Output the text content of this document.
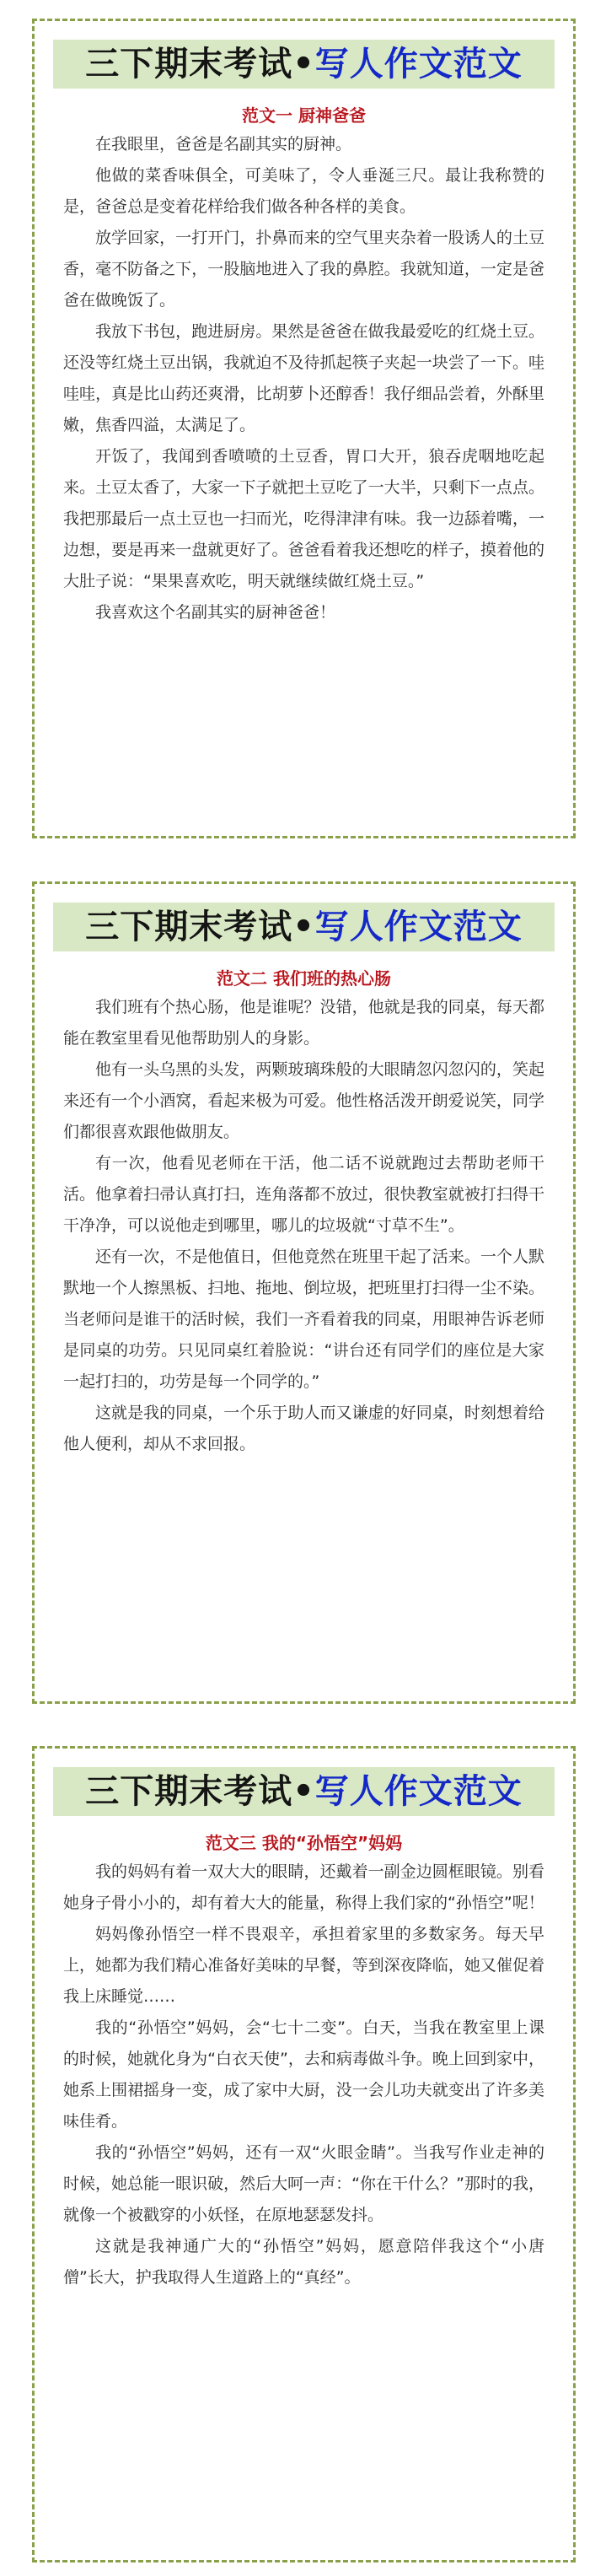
三下期末考试•写人作文范文
范文一 厨神爸爸

在我眼里，爸爸是名副其实的厨神。

他做的菜香味俱全，可美味了，令人垂涎三尺。最让我称赞的是，爸爸总是变着花样给我们做各种各样的美食。

放学回家，一打开门，扑鼻而来的空气里夹杂着一股诱人的土豆香，毫不防备之下，一股脑地进入了我的鼻腔。我就知道，一定是爸爸在做晚饭了。

我放下书包，跑进厨房。果然是爸爸在做我最爱吃的红烧土豆。还没等红烧土豆出锅，我就迫不及待抓起筷子夹起一块尝了一下。哇哇哇，真是比山药还爽滑，比胡萝卜还醇香！我仔细品尝着，外酥里嫩，焦香四溢，太满足了。

开饭了，我闻到香喷喷的土豆香，胃口大开，狼吞虎咽地吃起来。土豆太香了，大家一下子就把土豆吃了一大半，只剩下一点点。我把那最后一点土豆也一扫而光，吃得津津有味。我一边舔着嘴，一边想，要是再来一盘就更好了。爸爸看着我还想吃的样子，摸着他的大肚子说：“果果喜欢吃，明天就继续做红烧土豆。”

我喜欢这个名副其实的厨神爸爸！

三下期末考试•写人作文范文
范文二 我们班的热心肠

我们班有个热心肠，他是谁呢？没错，他就是我的同桌，每天都能在教室里看见他帮助别人的身影。

他有一头乌黑的头发，两颗玻璃珠般的大眼睛忽闪忽闪的，笑起来还有一个小酒窝，看起来极为可爱。他性格活泼开朗爱说笑，同学们都很喜欢跟他做朋友。

有一次，他看见老师在干活，他二话不说就跑过去帮助老师干活。他拿着扫帚认真打扫，连角落都不放过，很快教室就被打扫得干干净净，可以说他走到哪里，哪儿的垃圾就“寸草不生”。

还有一次，不是他值日，但他竟然在班里干起了活来。一个人默默地一个人擦黑板、扫地、拖地、倒垃圾，把班里打扫得一尘不染。当老师问是谁干的活时候，我们一齐看着我的同桌，用眼神告诉老师是同桌的功劳。只见同桌红着脸说：“讲台还有同学们的座位是大家一起打扫的，功劳是每一个同学的。”

这就是我的同桌，一个乐于助人而又谦虚的好同桌，时刻想着给他人便利，却从不求回报。

三下期末考试•写人作文范文
范文三 我的“孙悟空”妈妈

我的妈妈有着一双大大的眼睛，还戴着一副金边圆框眼镜。别看她身子骨小小的，却有着大大的能量，称得上我们家的“孙悟空”呢！

妈妈像孙悟空一样不畏艰辛，承担着家里的多数家务。每天早上，她都为我们精心准备好美味的早餐，等到深夜降临，她又催促着我上床睡觉……

我的“孙悟空”妈妈，会“七十二变”。白天，当我在教室里上课的时候，她就化身为“白衣天使”，去和病毒做斗争。晚上回到家中，她系上围裙摇身一变，成了家中大厨，没一会儿功夫就变出了许多美味佳肴。

我的“孙悟空”妈妈，还有一双“火眼金睛”。当我写作业走神的时候，她总能一眼识破，然后大呵一声：“你在干什么？”那时的我，就像一个被戳穿的小妖怪，在原地瑟瑟发抖。

这就是我神通广大的“孙悟空”妈妈，愿意陪伴我这个“小唐僧”长大，护我取得人生道路上的“真经”。
